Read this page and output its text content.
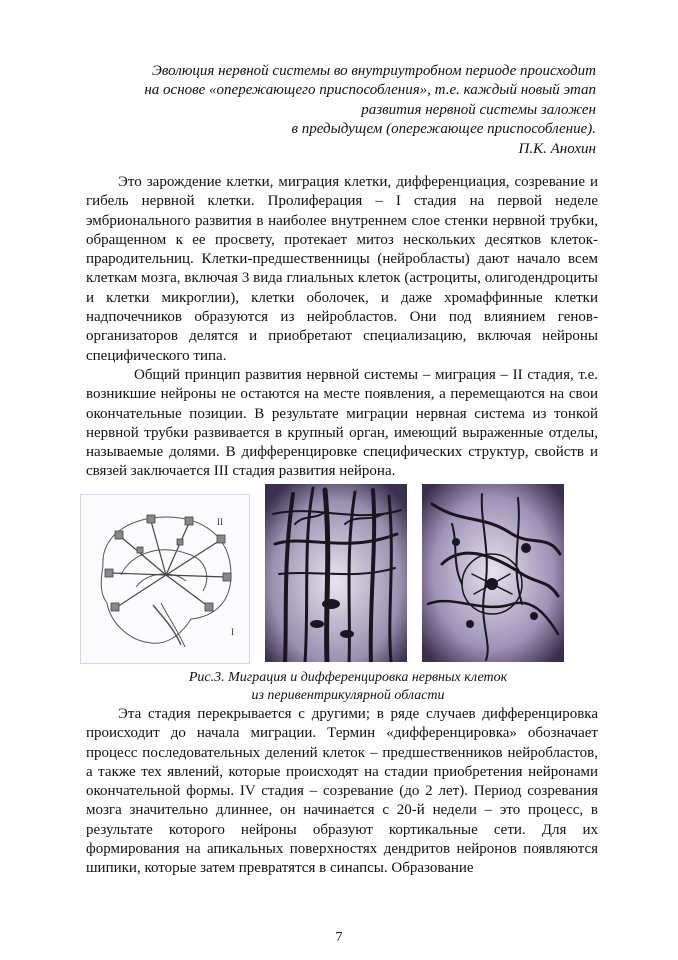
Эволюция нервной системы во внутриутробном периоде происходит

на основе «опережающего приспособления», т.е. каждый новый этап

развития нервной системы заложен

в предыдущем (опережающее приспособление).

П.К. Анохин

Это зарождение клетки, миграция клетки, дифференциация, созревание и гибель нервной клетки. Пролиферация – I стадия на первой неделе эмбрионального развития в наиболее внутреннем слое стенки нервной трубки, обращенном к ее просвету, протекает митоз нескольких десятков клеток-прародительниц. Клетки-предшественницы (нейробласты) дают начало всем клеткам мозга, включая 3 вида глиальных клеток (астроциты, олигодендроциты и клетки микроглии), клетки оболочек, и даже хромаффинные клетки надпочечников образуются из нейробластов. Они под влиянием генов-организаторов делятся и приобретают специализацию, включая нейроны специфического типа.

Общий принцип развития нервной системы – миграция – II стадия, т.е. возникшие нейроны не остаются на месте появления, а перемещаются на свои окончательные позиции. В результате миграции нервная система из тонкой нервной трубки развивается в крупный орган, имеющий выраженные отделы, называемые долями. В дифференцировке специфических структур, свойств и связей заключается III стадия развития нейрона.

II
I

Рис.3. Миграция и дифференцировка нервных клеток

из перивентрикулярной области

Эта стадия перекрывается с другими; в ряде случаев дифференцировка происходит до начала миграции. Термин «дифференцировка» обозначает процесс последовательных делений клеток – предшественников нейробластов, а также тех явлений, которые происходят на стадии приобретения нейронами окончательной формы. IV стадия – созревание (до 2 лет). Период созревания мозга значительно длиннее, он начинается с 20-й недели – это процесс, в результате которого нейроны образуют кортикальные сети. Для их формирования на апикальных поверхностях дендритов нейронов появляются шипики, которые затем превратятся в синапсы. Образование

7
